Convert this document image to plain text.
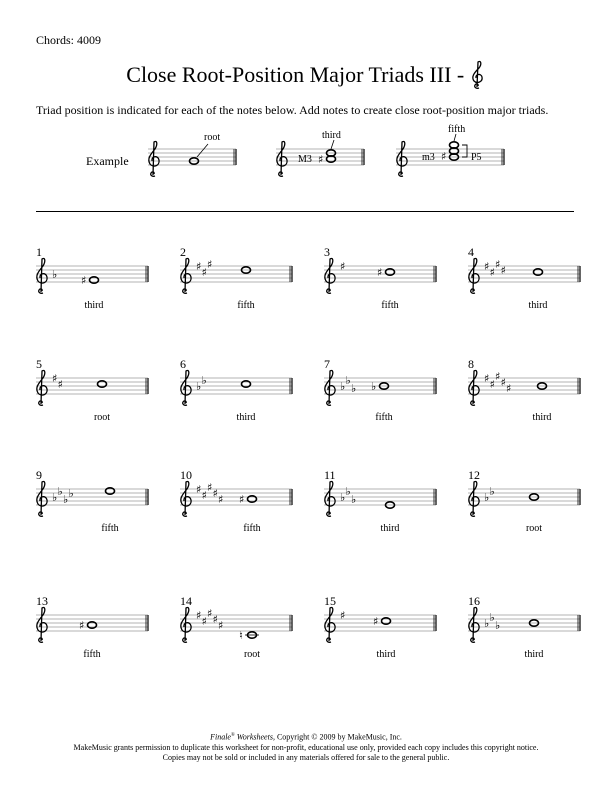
Chords: 4009
Close Root-Position Major Triads III -
Triad position is indicated for each of the notes below. Add notes to create close root-position major triads.
Example
root
M3 ♯
third
m3 ♯ P5
fifth
1
♭ ♯
third
2
♯ ♯
♯
fifth
3
♯	♯
fifth
4
♯ ♯
♯ ♯
third
5
♯ ♯
root
6
♭ ♭
third
7
♭ ♭
♭ ♭
fifth
8
♯ ♯
♯ ♯ ♯
third
9
♭ ♭
♭ ♭
fifth
10
♯ ♯
♯ ♯ ♯ ♯
fifth
11
♭ ♭
♭
third
12
♭ ♭
root
13
♯
fifth
14
♯ ♯
♯ ♯ ♯
♮
root
15
♯	♯
third
16
♭ ♭
♭
third
Finale® Worksheets, Copyright © 2009 by MakeMusic, Inc.
MakeMusic grants permission to duplicate this worksheet for non-profit, educational use only, provided each copy includes this copyright notice.
Copies may not be sold or included in any materials offered for sale to the general public.
